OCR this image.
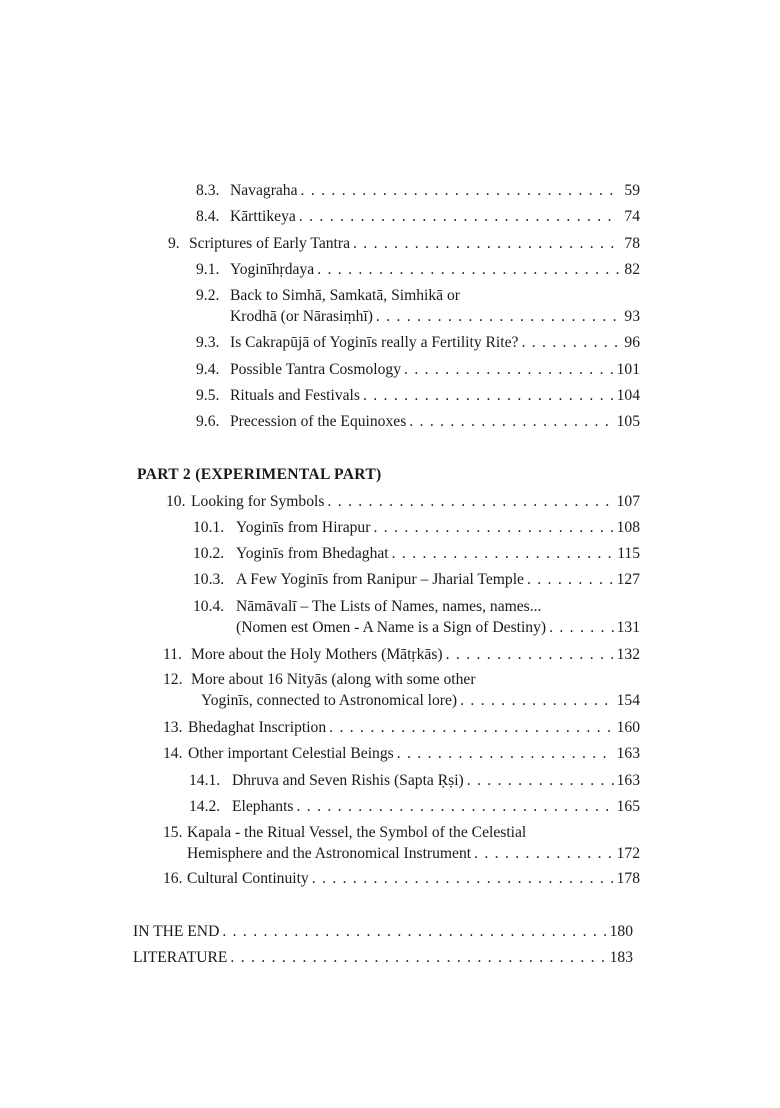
8.3. Navagraha . . .	59
8.4. Kārttikeya . . .	74
9. Scriptures of Early Tantra . . .	78
9.1. Yoginīhṛdaya . . .	82
9.2. Back to Simhā, Samkatā, Simhikā or
Krodhā (or Nārasiṃhī) . . .	93
9.3. Is Cakrapūjā of Yoginīs really a Fertility Rite? . . .	96
9.4. Possible Tantra Cosmology . . .	101
9.5. Rituals and Festivals . . .	104
9.6. Precession of the Equinoxes . . .	105
PART 2 (EXPERIMENTAL PART)
10. Looking for Symbols . . .	107
10.1. Yoginīs from Hirapur . . .	108
10.2. Yoginīs from Bhedaghat . . .	115
10.3. A Few Yoginīs from Ranipur – Jharial Temple . . .	127
10.4. Nāmāvalī – The Lists of Names, names, names...
(Nomen est Omen - A Name is a Sign of Destiny) . . .	131
11. More about the Holy Mothers (Mātṛkās) . . .	132
12. More about 16 Nityās (along with some other
Yoginīs, connected to Astronomical lore) . . .	154
13. Bhedaghat Inscription . . .	160
14. Other important Celestial Beings . . .	163
14.1. Dhruva and Seven Rishis (Sapta Ṛṣi) . . .	163
14.2. Elephants . . .	165
15. Kapala - the Ritual Vessel, the Symbol of the Celestial
Hemisphere and the Astronomical Instrument . . .	172
16. Cultural Continuity . . .	178
IN THE END . . .	180
LITERATURE . . .	183
